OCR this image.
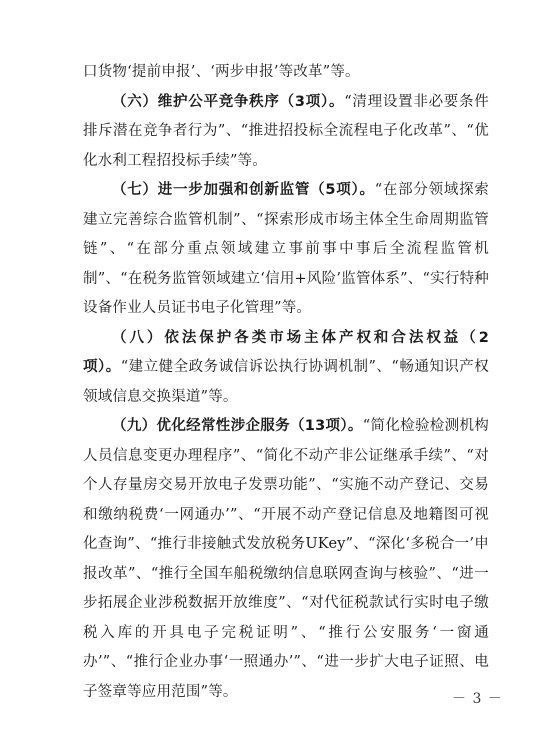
口货物‘提前申报’、‘两步申报’等改革”等。

（六）维护公平竞争秩序（3项）。“清理设置非必要条件排斥潜在竞争者行为”、“推进招投标全流程电子化改革”、“优化水利工程招投标手续”等。

（七）进一步加强和创新监管（5项）。“在部分领域探索建立完善综合监管机制”、“探索形成市场主体全生命周期监管链”、“在部分重点领域建立事前事中事后全流程监管机制”、“在税务监管领域建立‘信用+风险’监管体系”、“实行特种设备作业人员证书电子化管理”等。

（八）依法保护各类市场主体产权和合法权益（2项）。“建立健全政务诚信诉讼执行协调机制”、“畅通知识产权领域信息交换渠道”等。

（九）优化经常性涉企服务（13项）。“简化检验检测机构人员信息变更办理程序”、“简化不动产非公证继承手续”、“对个人存量房交易开放电子发票功能”、“实施不动产登记、交易和缴纳税费‘一网通办’”、“开展不动产登记信息及地籍图可视化查询”、“推行非接触式发放税务UKey”、“深化‘多税合一’申报改革”、“推行全国车船税缴纳信息联网查询与核验”、“进一步拓展企业涉税数据开放维度”、“对代征税款试行实时电子缴税入库的开具电子完税证明”、“推行公安服务‘一窗通办’”、“推行企业办事‘一照通办’”、“进一步扩大电子证照、电子签章等应用范围”等。	－ 3 －
